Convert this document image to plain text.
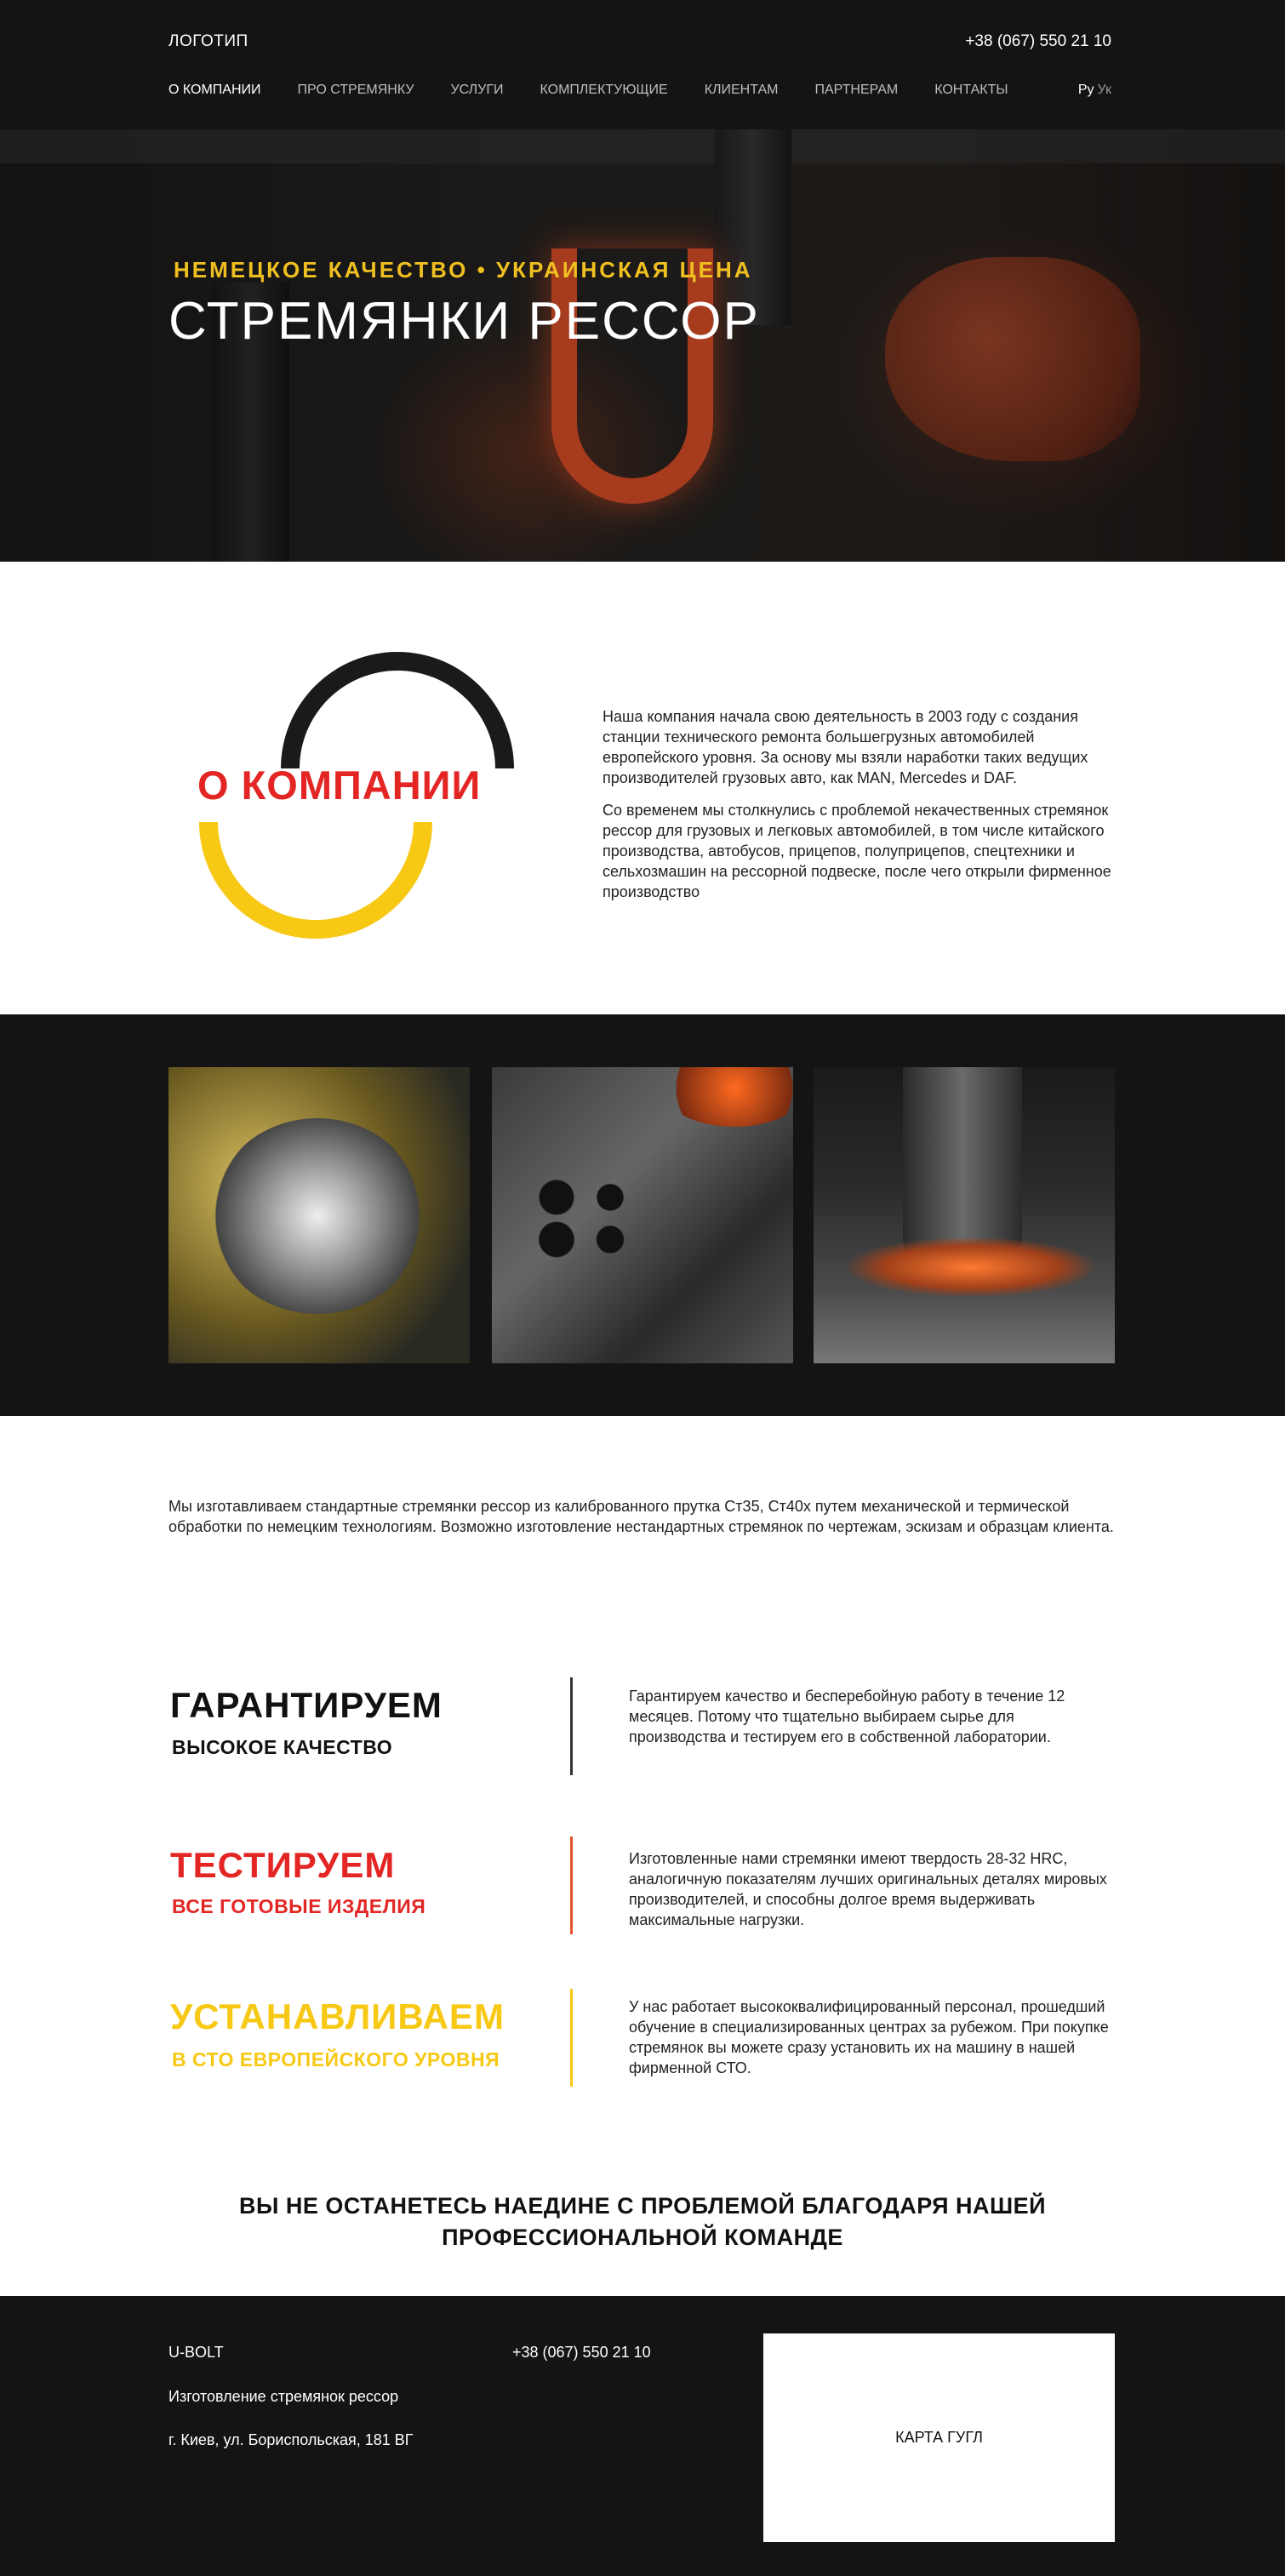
ЛОГОТИП	+38 (067) 550 21 10
О КОМПАНИИ	ПРО СТРЕМЯНКУ	УСЛУГИ	КОМПЛЕКТУЮЩИЕ	КЛИЕНТАМ	ПАРТНЕРАМ	КОНТАКТЫ	Ру Ук
НЕМЕЦКОЕ КАЧЕСТВО • УКРАИНСКАЯ ЦЕНА
СТРЕМЯНКИ РЕССОР
О КОМПАНИИ

Наша компания начала свою деятельность в 2003 году с создания станции технического ремонта большегрузных автомобилей европейского уровня. За основу мы взяли наработки таких ведущих производителей грузовых авто, как MAN, Mercedes и DAF.

Со временем мы столкнулись с проблемой некачественных стремянок рессор для грузовых и легковых автомобилей, в том числе китайского производства, автобусов, прицепов, полуприцепов, спецтехники и сельхозмашин на рессорной подвеске, после чего открыли фирменное производство

Мы изготавливаем стандартные стремянки рессор из калиброванного прутка Ст35, Ст40х путем механической и термической обработки по немецким технологиям. Возможно изготовление нестандартных стремянок по чертежам, эскизам и образцам клиента.
ГАРАНТИРУЕМ
ВЫСОКОЕ КАЧЕСТВО
Гарантируем качество и бесперебойную работу в течение 12 месяцев. Потому что тщательно выбираем сырье для производства и тестируем его в собственной лаборатории.
ТЕСТИРУЕМ
ВСЕ ГОТОВЫЕ ИЗДЕЛИЯ
Изготовленные нами стремянки имеют твердость 28-32 HRC, аналогичную показателям лучших оригинальных деталях мировых производителей, и способны долгое время выдерживать максимальные нагрузки.
УСТАНАВЛИВАЕМ
В СТО ЕВРОПЕЙСКОГО УРОВНЯ
У нас работает высококвалифицированный персонал, прошедший обучение в специализированных центрах за рубежом. При покупке стремянок вы можете сразу установить их на машину в нашей фирменной СТО.
ВЫ НЕ ОСТАНЕТЕСЬ НАЕДИНЕ С ПРОБЛЕМОЙ БЛАГОДАРЯ НАШЕЙ
ПРОФЕССИОНАЛЬНОЙ КОМАНДЕ
U-BOLT
Изготовление стремянок рессор
г. Киев, ул. Бориспольская, 181 ВГ
+38 (067) 550 21 10
КАРТА ГУГЛ
